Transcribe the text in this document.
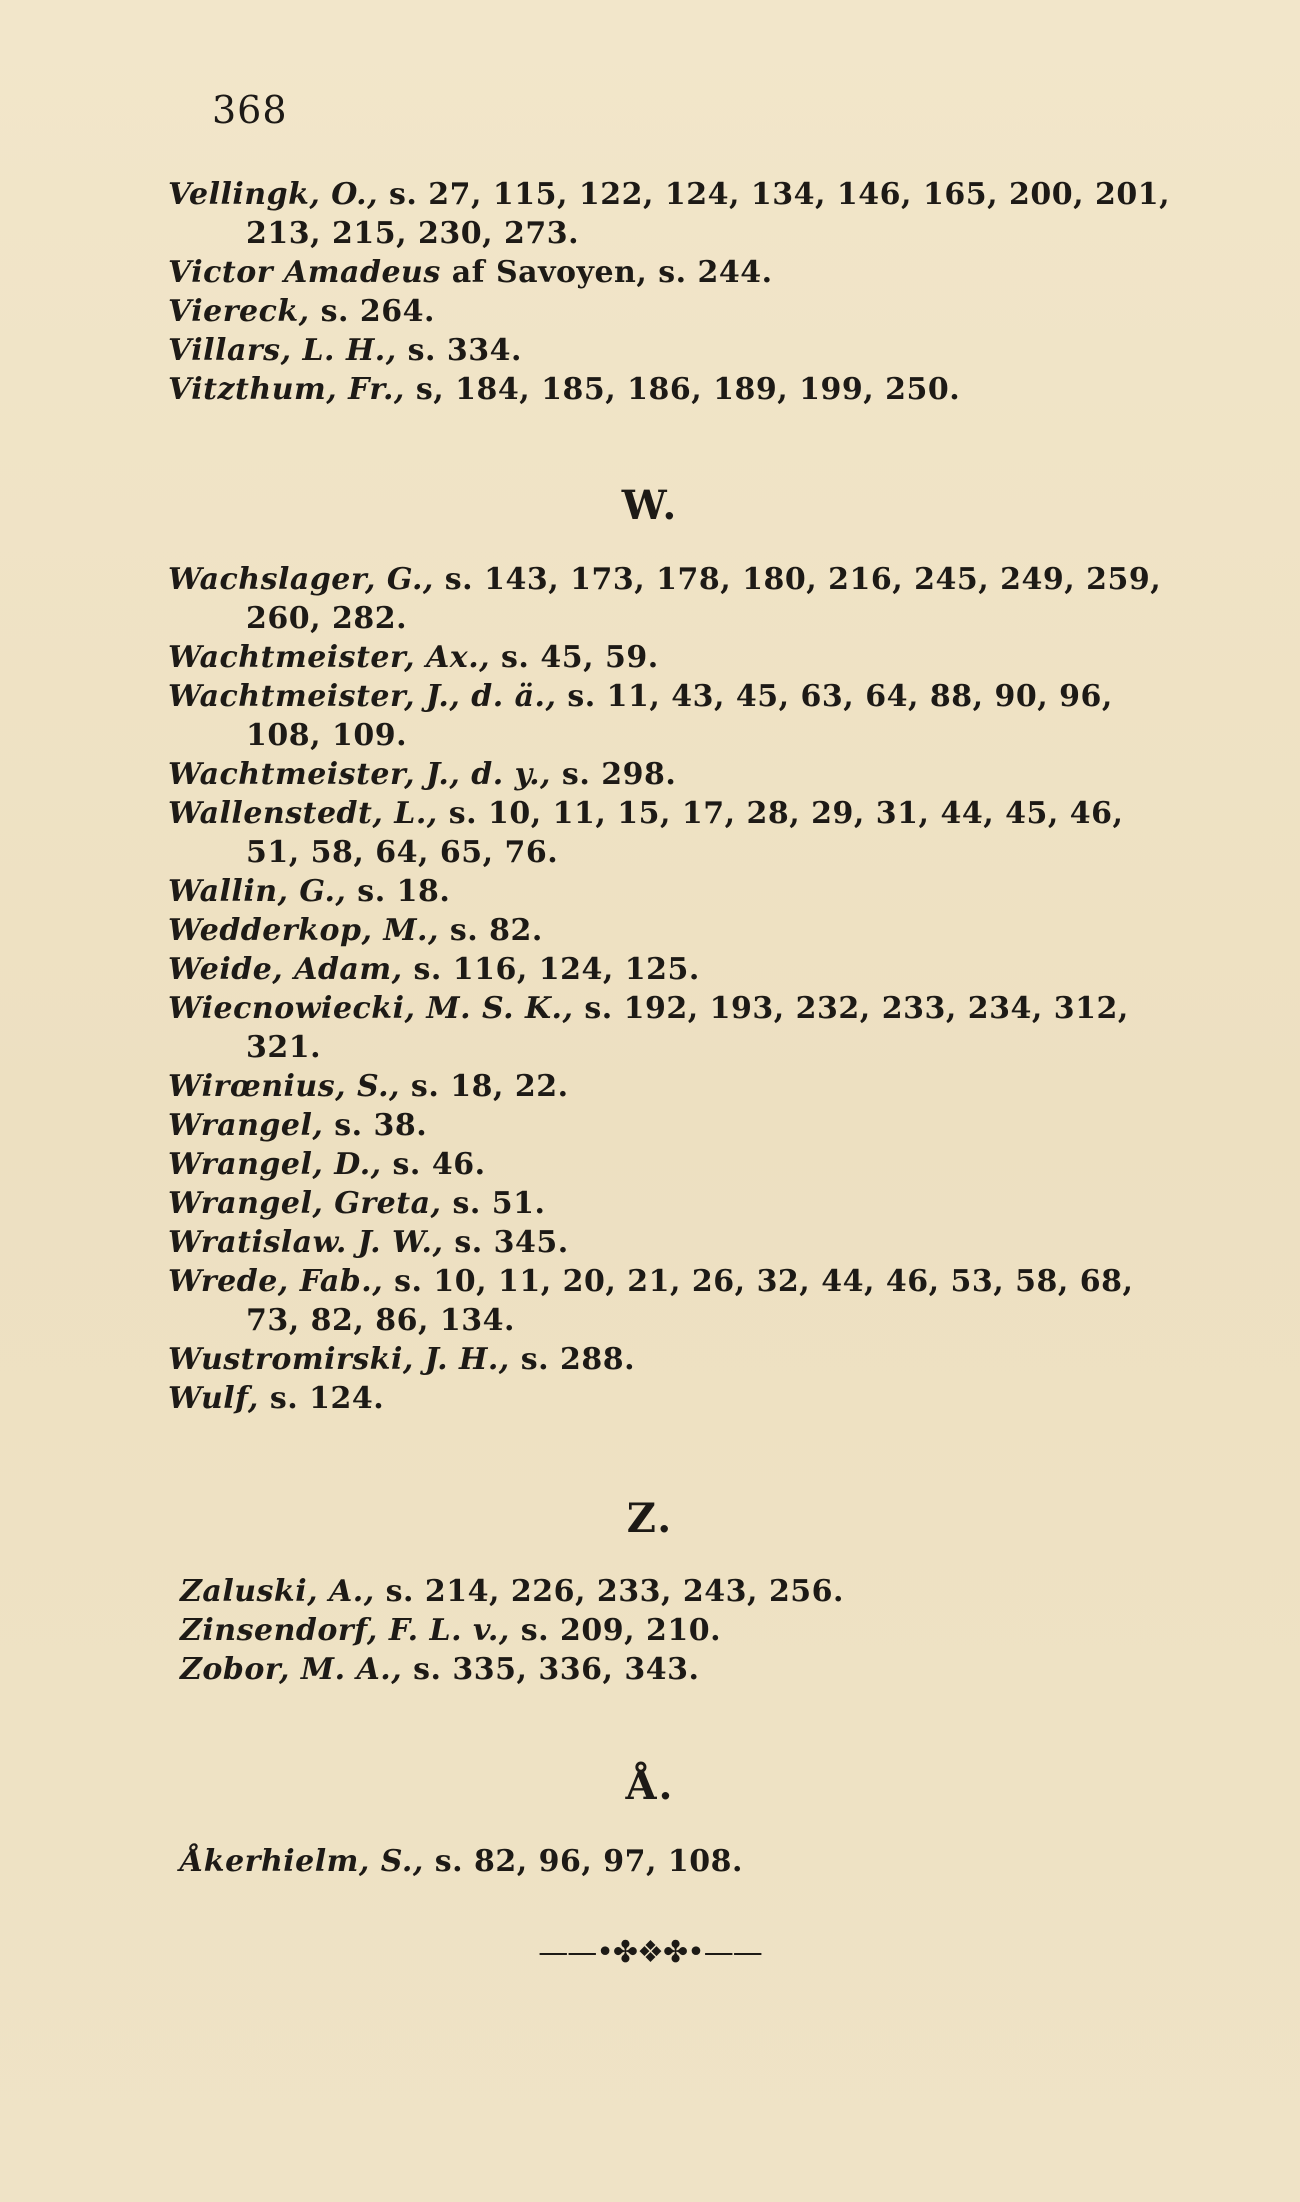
368
Vellingk, O., s. 27, 115, 122, 124, 134, 146, 165, 200, 201,
213, 215, 230, 273.
Victor Amadeus af Savoyen, s. 244.
Viereck, s. 264.
Villars, L. H., s. 334.
Vitzthum, Fr., s, 184, 185, 186, 189, 199, 250.
W.
Wachslager, G., s. 143, 173, 178, 180, 216, 245, 249, 259,
260, 282.
Wachtmeister, Ax., s. 45, 59.
Wachtmeister, J., d. ä., s. 11, 43, 45, 63, 64, 88, 90, 96,
108, 109.
Wachtmeister, J., d. y., s. 298.
Wallenstedt, L., s. 10, 11, 15, 17, 28, 29, 31, 44, 45, 46,
51, 58, 64, 65, 76.
Wallin, G., s. 18.
Wedderkop, M., s. 82.
Weide, Adam, s. 116, 124, 125.
Wiecnowiecki, M. S. K., s. 192, 193, 232, 233, 234, 312,
321.
Wirœnius, S., s. 18, 22.
Wrangel, s. 38.
Wrangel, D., s. 46.
Wrangel, Greta, s. 51.
Wratislaw. J. W., s. 345.
Wrede, Fab., s. 10, 11, 20, 21, 26, 32, 44, 46, 53, 58, 68,
73, 82, 86, 134.
Wustromirski, J. H., s. 288.
Wulf, s. 124.
Z.
Zaluski, A., s. 214, 226, 233, 243, 256.
Zinsendorf, F. L. v., s. 209, 210.
Zobor, M. A., s. 335, 336, 343.
Å.
Åkerhielm, S., s. 82, 96, 97, 108.
——•✤❖✤•——
